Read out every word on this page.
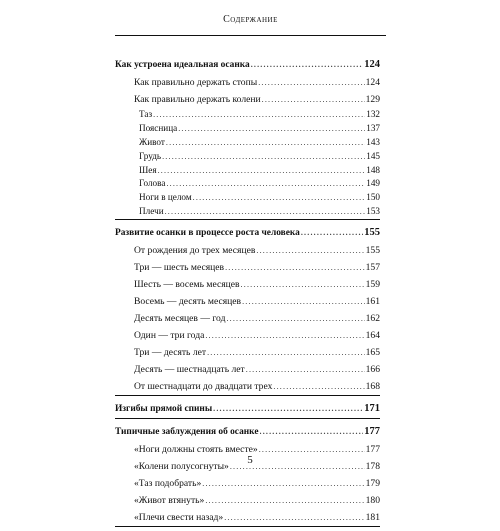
Содержание
Как устроена идеальная осанка .....	124
Как правильно держать стопы .....	124
Как правильно держать колени .....	129
Таз .....	132
Поясница .....	137
Живот .....	143
Грудь .....	145
Шея .....	148
Голова .....	149
Ноги в целом .....	150
Плечи .....	153
Развитие осанки в процессе роста человека .....	155
От рождения до трех месяцев .....	155
Три — шесть месяцев .....	157
Шесть — восемь месяцев .....	159
Восемь — десять месяцев .....	161
Десять месяцев — год .....	162
Один — три года .....	164
Три — десять лет .....	165
Десять — шестнадцать лет .....	166
От шестнадцати до двадцати трех .....	168
Изгибы прямой спины .....	171
Типичные заблуждения об осанке .....	177
«Ноги должны стоять вместе» .....	177
«Колени полусогнуты» .....	178
«Таз подобрать» .....	179
«Живот втянуть» .....	180
«Плечи свести назад» .....	181
5
